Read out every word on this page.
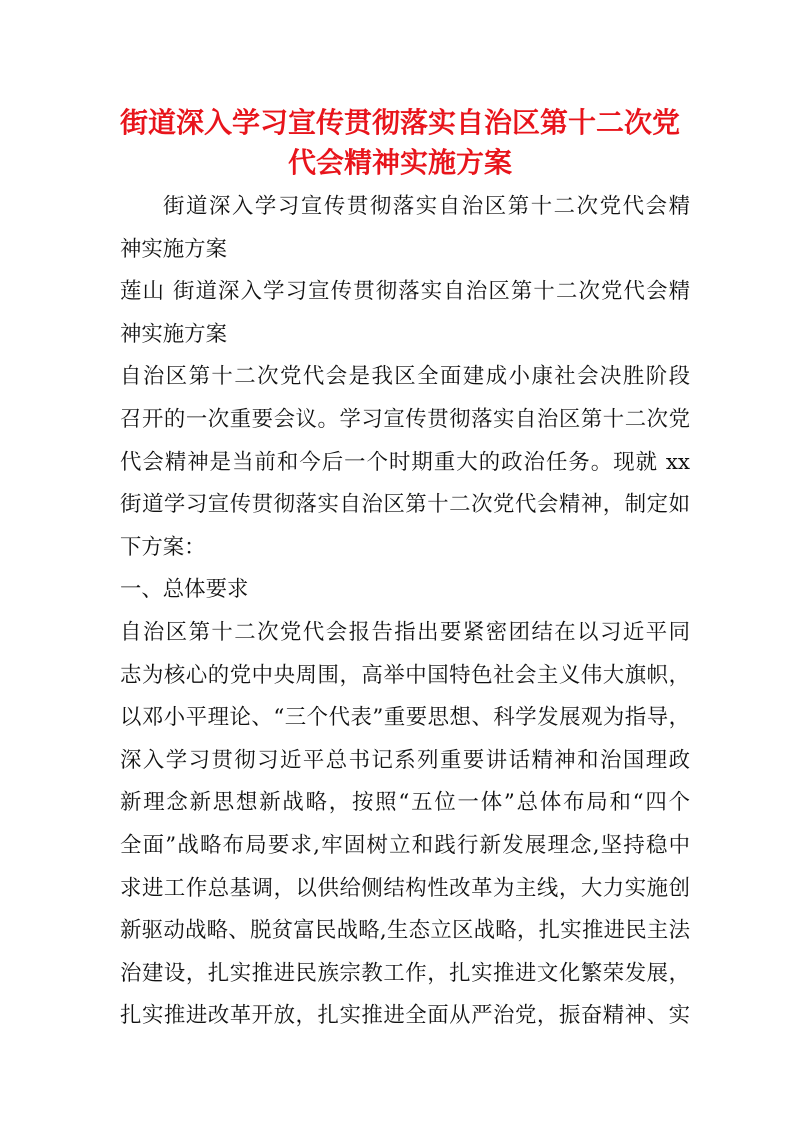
街道深入学习宣传贯彻落实自治区第十二次党
代会精神实施方案
街道深入学习宣传贯彻落实自治区第十二次党代会精
神实施方案
莲山 街道深入学习宣传贯彻落实自治区第十二次党代会精
神实施方案
自治区第十二次党代会是我区全面建成小康社会决胜阶段
召开的一次重要会议。学习宣传贯彻落实自治区第十二次党
代会精神是当前和今后一个时期重大的政治任务。现就 xx
街道学习宣传贯彻落实自治区第十二次党代会精神，制定如
下方案：
一、总体要求
自治区第十二次党代会报告指出要紧密团结在以习近平同
志为核心的党中央周围，高举中国特色社会主义伟大旗帜，
以邓小平理论、“三个代表”重要思想、科学发展观为指导，
深入学习贯彻习近平总书记系列重要讲话精神和治国理政
新理念新思想新战略，按照“五位一体”总体布局和“四个
全面”战略布局要求,牢固树立和践行新发展理念,坚持稳中
求进工作总基调，以供给侧结构性改革为主线，大力实施创
新驱动战略、脱贫富民战略,生态立区战略，扎实推进民主法
治建设，扎实推进民族宗教工作，扎实推进文化繁荣发展，
扎实推进改革开放，扎实推进全面从严治党，振奋精神、实
